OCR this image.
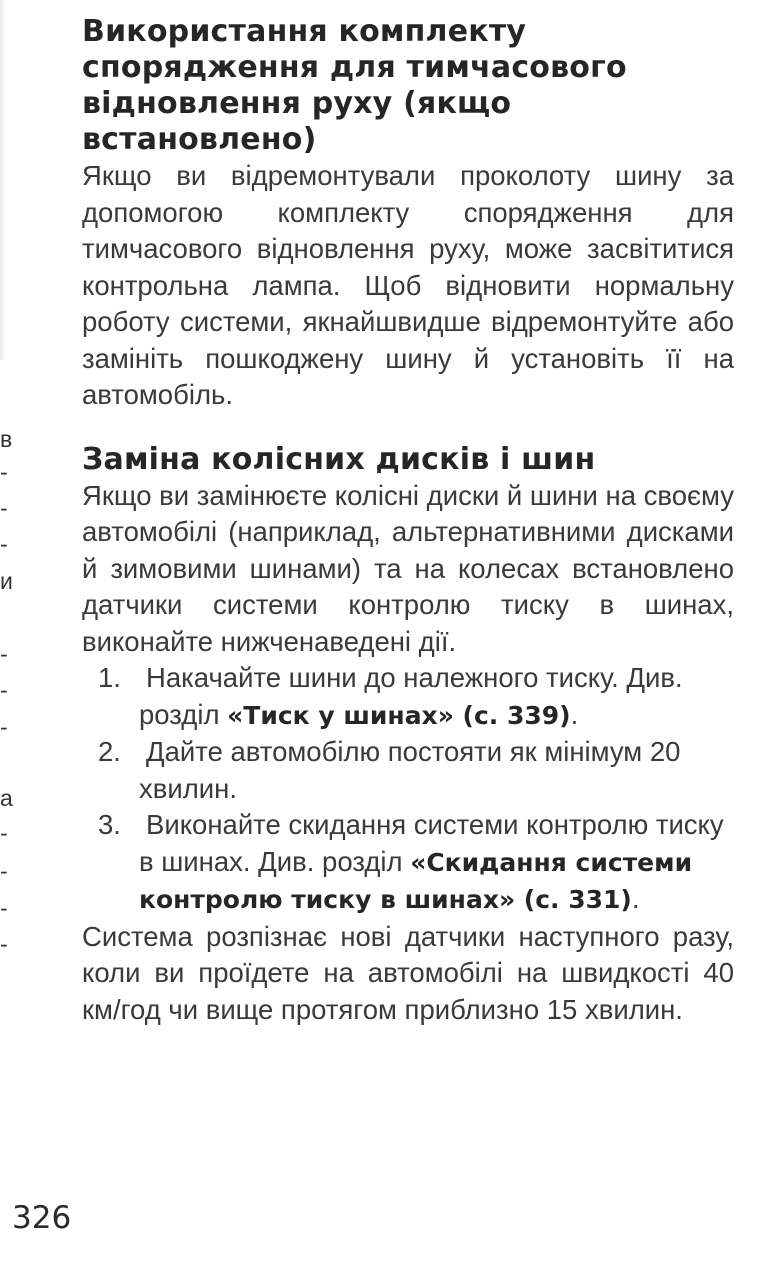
в
-
-
-
и
-
-
-
а
-
-
-
-
Використання комплекту спорядження для тимчасового відновлення руху (якщо встановлено)

Якщо ви відремонтували проколоту шину за допомогою комплекту спорядження для тимчасового відновлення руху, може засвітитися контрольна лампа. Щоб відновити нормальну роботу системи, якнайшвидше відремонтуйте або замініть пошкоджену шину й установіть її на автомобіль.

Заміна колісних дисків і шин

Якщо ви замінюєте колісні диски й шини на своєму автомобілі (наприклад, альтернативними дисками й зимовими шинами) та на колесах встановлено датчики системи контролю тиску в шинах, виконайте нижченаведені дії.

1. Накачайте шини до належного тиску. Див. розділ «Тиск у шинах» (с. 339).
2. Дайте автомобілю постояти як мінімум 20 хвилин.
3. Виконайте скидання системи контролю тиску в шинах. Див. розділ «Скидання системи контролю тиску в шинах» (с. 331).

Система розпізнає нові датчики наступного разу, коли ви проїдете на автомобілі на швидкості 40 км/год чи вище протягом приблизно 15 хвилин.

326
